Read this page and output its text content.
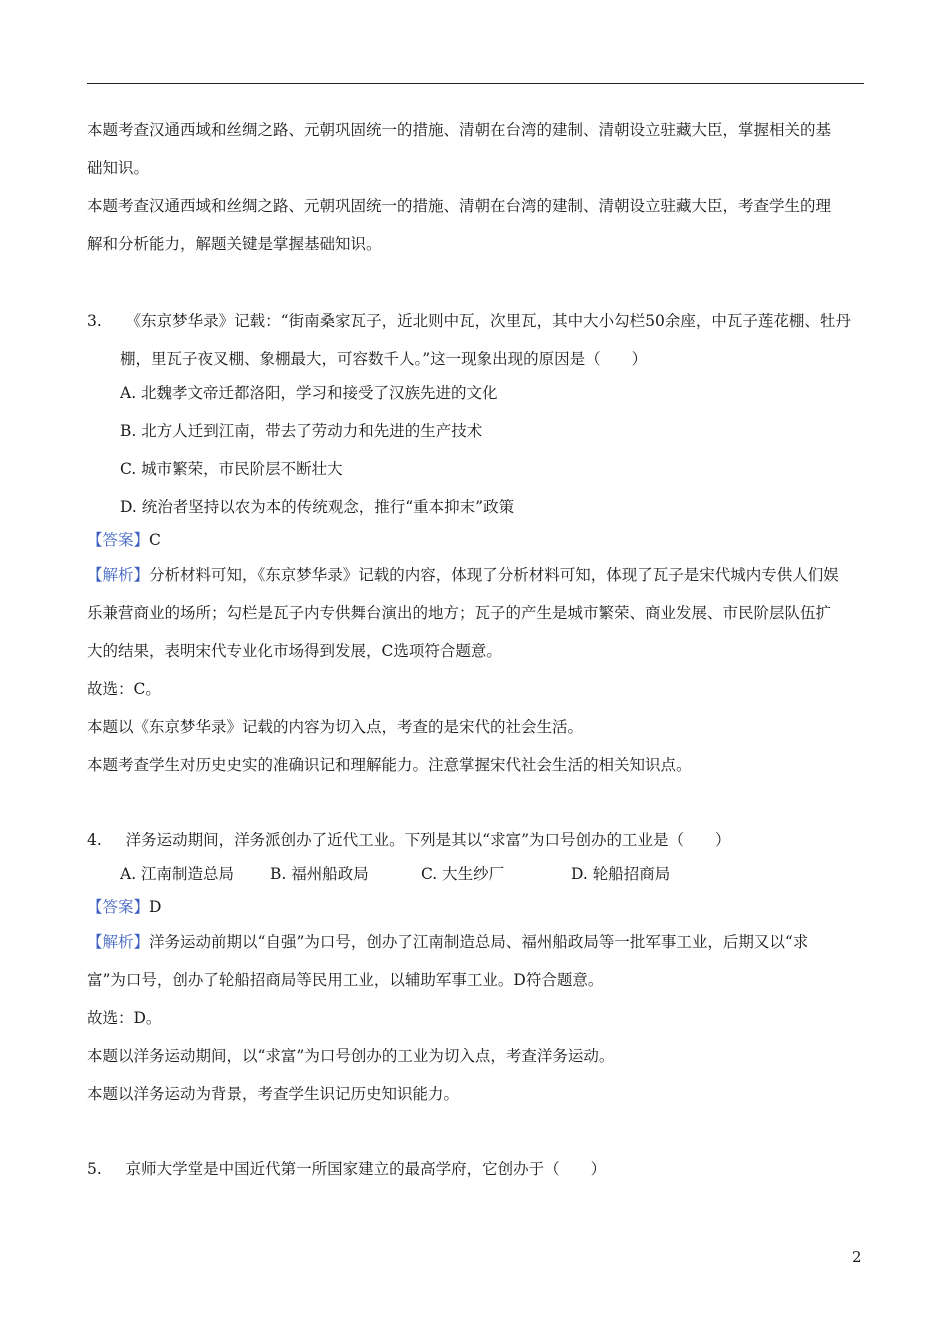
本题考查汉通西域和丝绸之路、元朝巩固统一的措施、清朝在台湾的建制、清朝设立驻藏大臣，掌握相关的基
础知识。
本题考查汉通西域和丝绸之路、元朝巩固统一的措施、清朝在台湾的建制、清朝设立驻藏大臣，考查学生的理
解和分析能力，解题关键是掌握基础知识。
3. 《东京梦华录》记载：“街南桑家瓦子，近北则中瓦，次里瓦，其中大小勾栏50余座，中瓦子莲花棚、牡丹
棚，里瓦子夜叉棚、象棚最大，可容数千人。”这一现象出现的原因是（　　）
A. 北魏孝文帝迁都洛阳，学习和接受了汉族先进的文化
B. 北方人迁到江南，带去了劳动力和先进的生产技术
C. 城市繁荣，市民阶层不断壮大
D. 统治者坚持以农为本的传统观念，推行“重本抑末”政策
【答案】C
【解析】分析材料可知，《东京梦华录》记载的内容，体现了分析材料可知，体现了瓦子是宋代城内专供人们娱
乐兼营商业的场所；勾栏是瓦子内专供舞台演出的地方；瓦子的产生是城市繁荣、商业发展、市民阶层队伍扩
大的结果，表明宋代专业化市场得到发展，C选项符合题意。
故选：C。
本题以《东京梦华录》记载的内容为切入点，考查的是宋代的社会生活。
本题考查学生对历史史实的准确识记和理解能力。注意掌握宋代社会生活的相关知识点。
4. 洋务运动期间，洋务派创办了近代工业。下列是其以“求富”为口号创办的工业是（　　）
A. 江南制造总局 B. 福州船政局	C. 大生纱厂	D. 轮船招商局
【答案】D
【解析】洋务运动前期以“自强”为口号，创办了江南制造总局、福州船政局等一批军事工业，后期又以“求
富”为口号，创办了轮船招商局等民用工业，以辅助军事工业。D符合题意。
故选：D。
本题以洋务运动期间，以“求富”为口号创办的工业为切入点，考查洋务运动。
本题以洋务运动为背景，考查学生识记历史知识能力。
5. 京师大学堂是中国近代第一所国家建立的最高学府，它创办于（　　）
2
